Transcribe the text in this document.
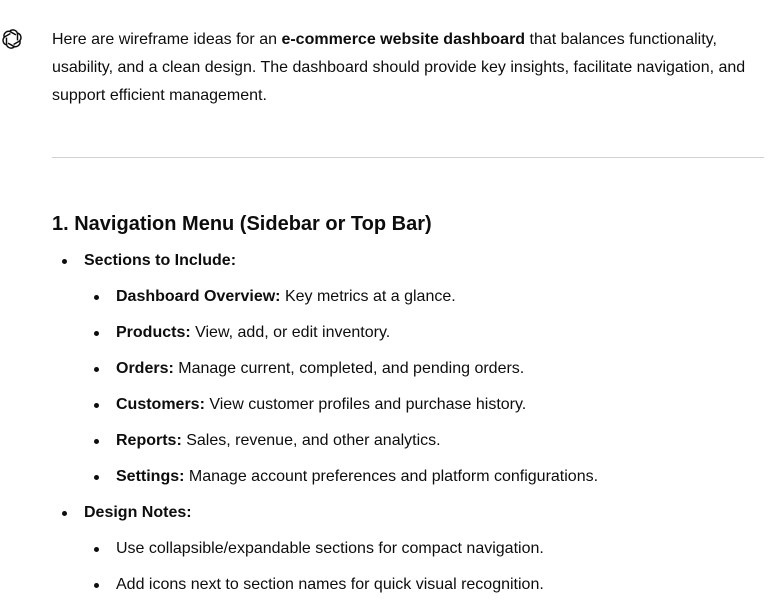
Here are wireframe ideas for an e-commerce website dashboard that balances functionality, usability, and a clean design. The dashboard should provide key insights, facilitate navigation, and support efficient management.

1. Navigation Menu (Sidebar or Top Bar)
Sections to Include:
Dashboard Overview: Key metrics at a glance.
Products: View, add, or edit inventory.
Orders: Manage current, completed, and pending orders.
Customers: View customer profiles and purchase history.
Reports: Sales, revenue, and other analytics.
Settings: Manage account preferences and platform configurations.
Design Notes:
Use collapsible/expandable sections for compact navigation.
Add icons next to section names for quick visual recognition.
